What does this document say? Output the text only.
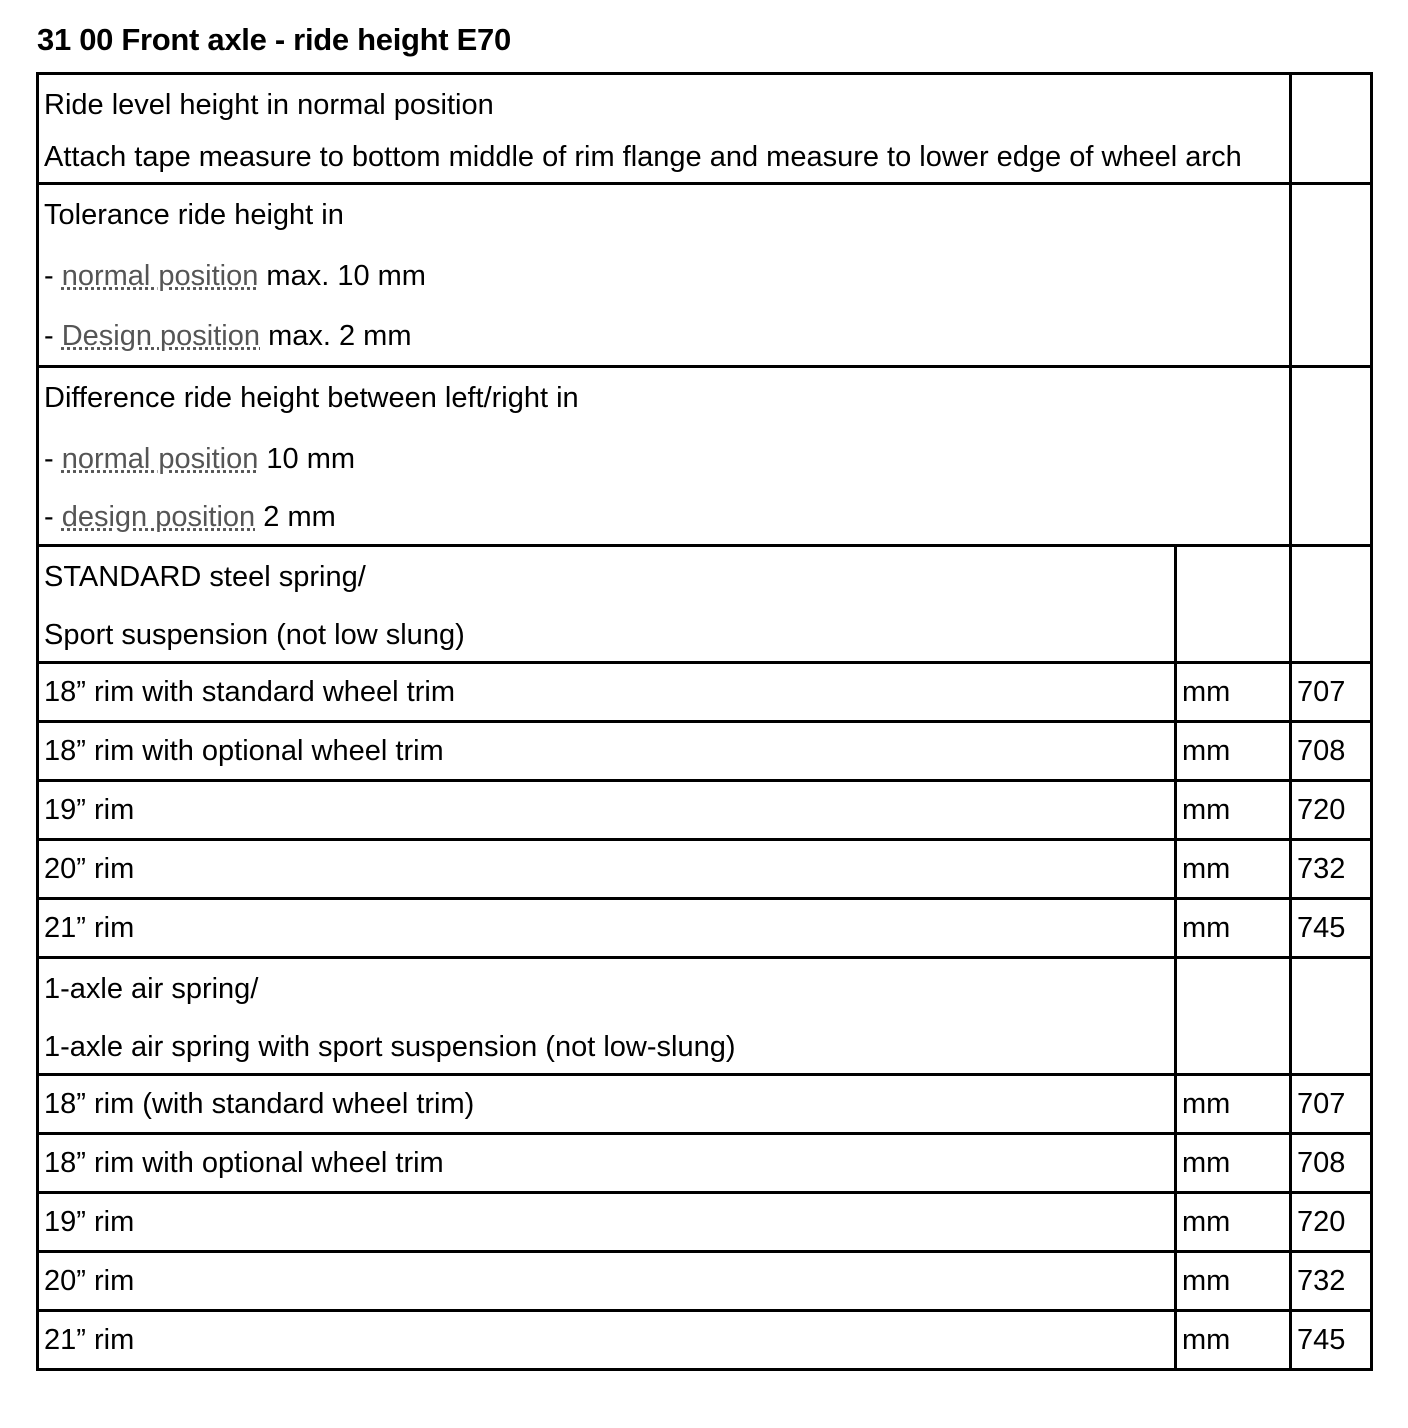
31 00 Front axle - ride height E70
Ride level height in normal position
Attach tape measure to bottom middle of rim flange and measure to lower edge of wheel arch		

Tolerance ride height in
- normal position max. 10 mm
- Design position max. 2 mm		

Difference ride height between left/right in
- normal position 10 mm
- design position 2 mm		

STANDARD steel spring/
Sport suspension (not low slung)		

18” rim with standard wheel trim	mm	707
18” rim with optional wheel trim	mm	708
19” rim	mm	720
20” rim	mm	732
21” rim	mm	745

1-axle air spring/
1-axle air spring with sport suspension (not low-slung)		

18” rim (with standard wheel trim)	mm	707
18” rim with optional wheel trim	mm	708
19” rim	mm	720
20” rim	mm	732
21” rim	mm	745
